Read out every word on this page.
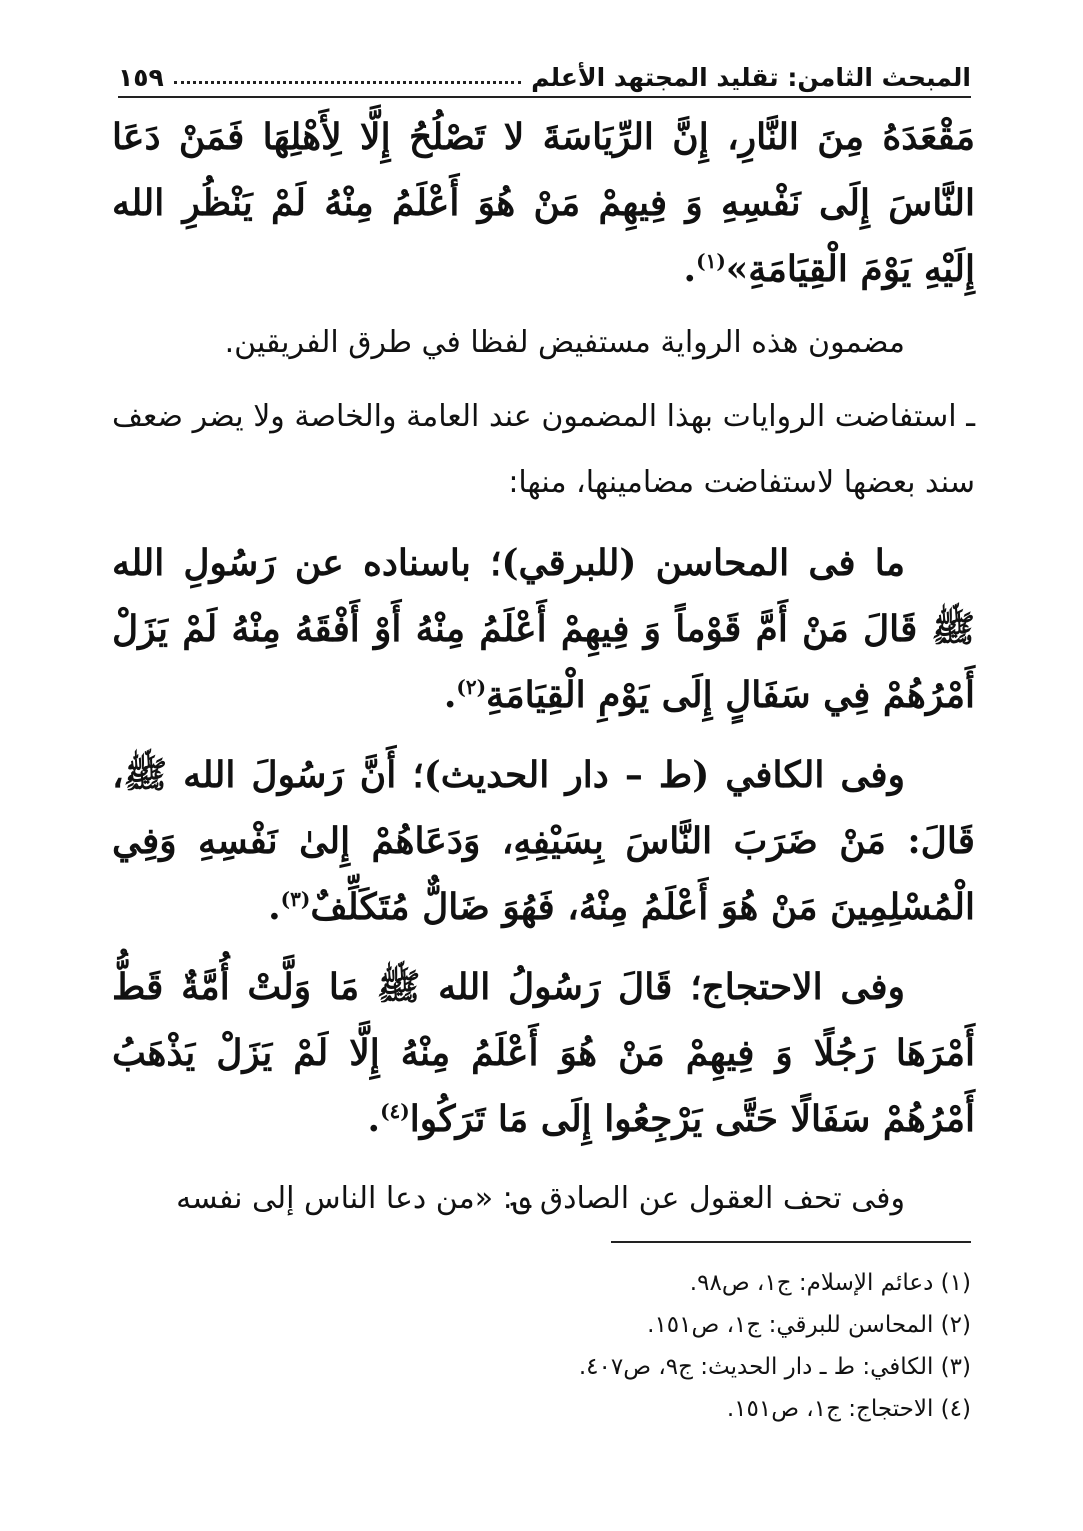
المبحث الثامن: تقليد المجتهد الأعلم
١٥٩

مَقْعَدَهُ مِنَ النَّارِ، إِنَّ الرِّيَاسَةَ لا تَصْلُحُ إِلَّا لِأَهْلِهَا فَمَنْ دَعَا النَّاسَ إِلَى نَفْسِهِ وَ فِيهِمْ مَنْ هُوَ أَعْلَمُ مِنْهُ لَمْ يَنْظُرِ الله إِلَيْهِ يَوْمَ الْقِيَامَةِ»$^{(١)}$.

مضمون هذه الرواية مستفيض لفظا في طرق الفريقين.

ـ استفاضت الروايات بهذا المضمون عند العامة والخاصة ولا يضر ضعف سند بعضها لاستفاضت مضامينها، منها:

ما فى المحاسن (للبرقي)؛ باسناده عن رَسُولِ الله ﷺ قَالَ مَنْ أَمَّ قَوْماً وَ فِيهِمْ أَعْلَمُ مِنْهُ أَوْ أَفْقَهُ مِنْهُ لَمْ يَزَلْ أَمْرُهُمْ فِي سَفَالٍ إِلَى يَوْمِ الْقِيَامَةِ$^{(٢)}$.

وفى الكافي (ط – دار الحديث)؛ أَنَّ رَسُولَ الله ﷺ، قَالَ: مَنْ ضَرَبَ النَّاسَ بِسَيْفِهِ، وَدَعَاهُمْ إِلىٰ نَفْسِهِ وَفِي الْمُسْلِمِينَ مَنْ هُوَ أَعْلَمُ مِنْهُ، فَهُوَ ضَالٌّ مُتَكَلِّفٌ$^{(٣)}$.

وفى الاحتجاج؛ قَالَ رَسُولُ الله ﷺ مَا وَلَّتْ أُمَّةٌ قَطُّ أَمْرَهَا رَجُلًا وَ فِيهِمْ مَنْ هُوَ أَعْلَمُ مِنْهُ إِلَّا لَمْ يَزَلْ يَذْهَبُ أَمْرُهُمْ سَفَالًا حَتَّى يَرْجِعُوا إِلَى مَا تَرَكُوا$^{(٤)}$.

وفى تحف العقول عن الصادق ؈: «من دعا الناس إلى نفسه

(١) دعائم الإسلام: ج١، ص٩٨.
(٢) المحاسن للبرقي: ج١، ص١٥١.
(٣) الكافي: ط ـ دار الحديث: ج٩، ص٤٠٧.
(٤) الاحتجاج: ج١، ص١٥١.
